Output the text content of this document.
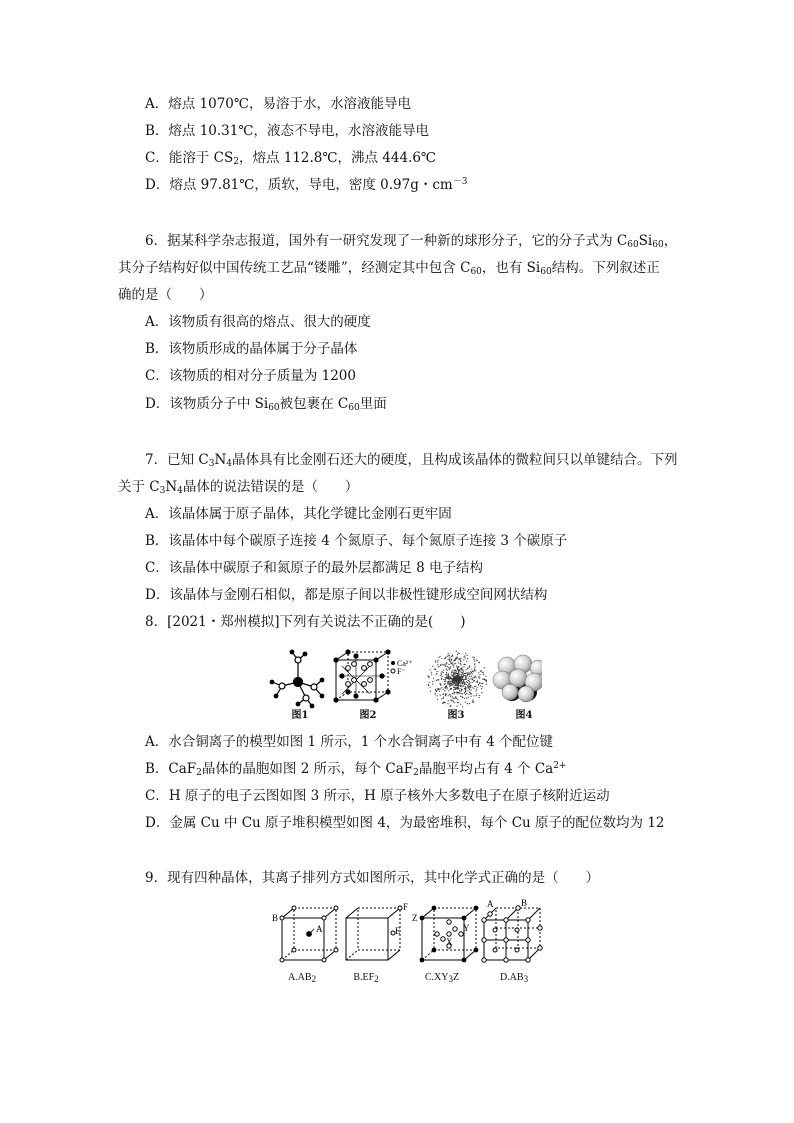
A．熔点 1070℃，易溶于水，水溶液能导电
B．熔点 10.31℃，液态不导电，水溶液能导电
C．能溶于 $CS_2$，熔点 112.8℃，沸点 444.6℃
D．熔点 97.81℃，质软，导电，密度 0.97g・$cm^{-3}$
6．据某科学杂志报道，国外有一研究发现了一种新的球形分子，它的分子式为 $C_{60}Si_{60}$，
其分子结构好似中国传统工艺品“镂雕”，经测定其中包含 $C_{60}$，也有 $Si_{60}$结构。下列叙述正
确的是（　　）
A．该物质有很高的熔点、很大的硬度
B．该物质形成的晶体属于分子晶体
C．该物质的相对分子质量为 1200
D．该物质分子中 $Si_{60}$被包裹在 $C_{60}$里面
7．已知 $C_3N_4$晶体具有比金刚石还大的硬度，且构成该晶体的微粒间只以单键结合。下列
关于 $C_3N_4$晶体的说法错误的是（　　）
A．该晶体属于原子晶体，其化学键比金刚石更牢固
B．该晶体中每个碳原子连接 4 个氮原子、每个氮原子连接 3 个碳原子
C．该晶体中碳原子和氮原子的最外层都满足 8 电子结构
D．该晶体与金刚石相似，都是原子间以非极性键形成空间网状结构
8．[2021・郑州模拟]下列有关说法不正确的是(　　)
Ca²⁺
F⁻
图1	图2	图3	图4
A．水合铜离子的模型如图 1 所示，1 个水合铜离子中有 4 个配位键
B．CaF$_2$晶体的晶胞如图 2 所示，每个 CaF$_2$晶胞平均占有 4 个 $Ca^{2+}$
C．H 原子的电子云图如图 3 所示，H 原子核外大多数电子在原子核附近运动
D．金属 Cu 中 Cu 原子堆积模型如图 4，为最密堆积，每个 Cu 原子的配位数均为 12
9．现有四种晶体，其离子排列方式如图所示，其中化学式正确的是（　　）
B
A
F
E
Z
Y
X
A	B
$A.AB_2$	$B.EF_2$	$C.XY_3Z$	$D.AB_3$
